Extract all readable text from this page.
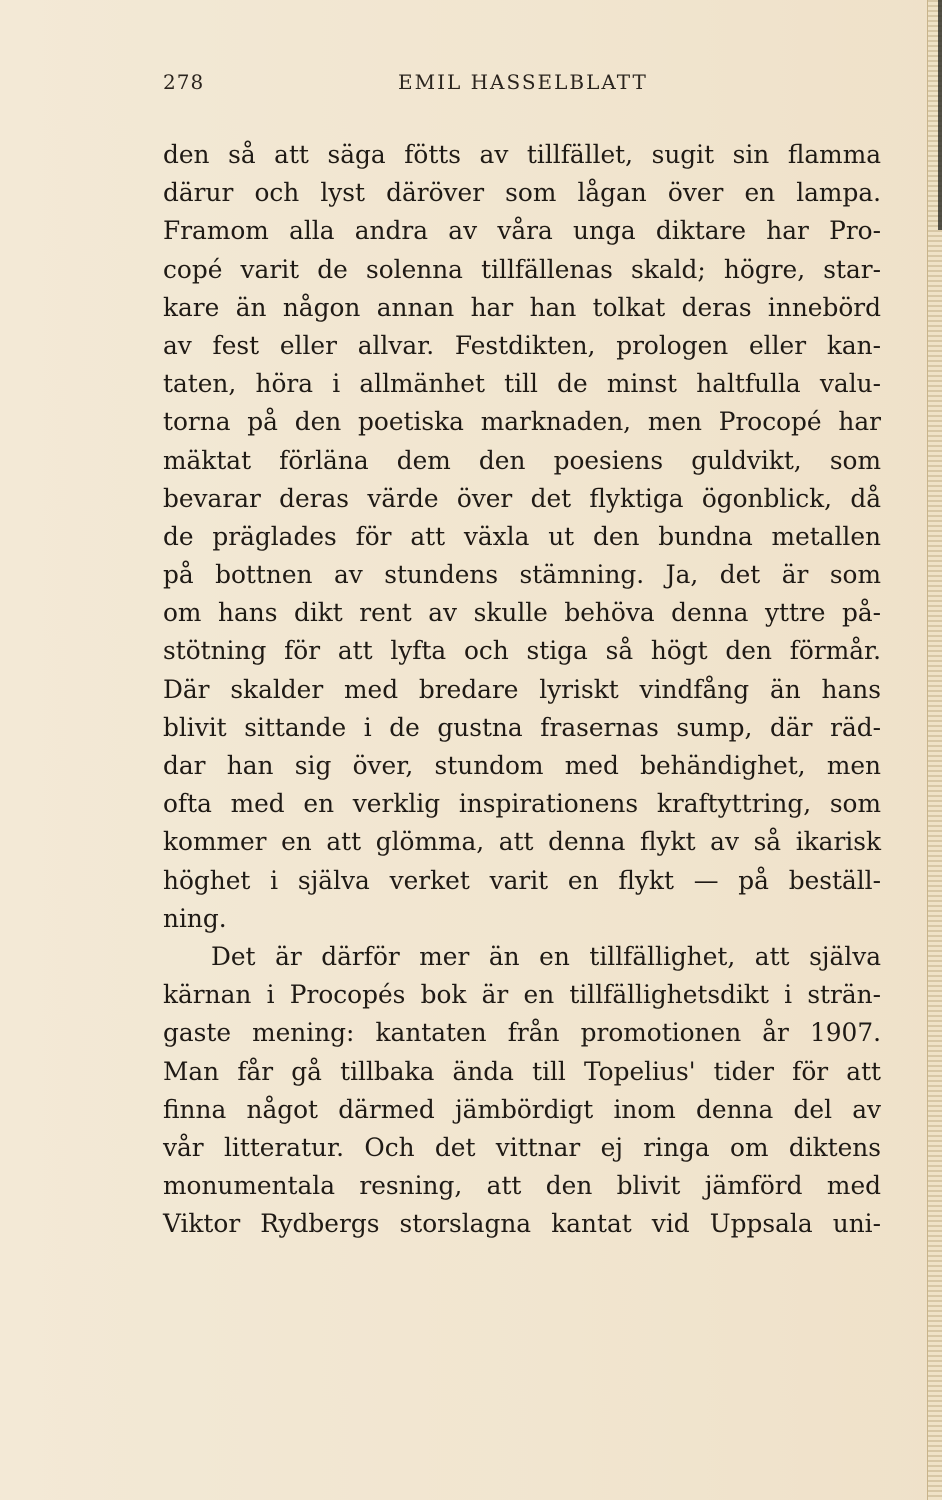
278	EMIL HASSELBLATT
den så att säga fötts av tillfället, sugit sin flamma
därur och lyst däröver som lågan över en lampa.
Framom alla andra av våra unga diktare har Pro-
copé varit de solenna tillfällenas skald; högre, star-
kare än någon annan har han tolkat deras innebörd
av fest eller allvar. Festdikten, prologen eller kan-
taten, höra i allmänhet till de minst haltfulla valu-
torna på den poetiska marknaden, men Procopé har
mäktat förläna dem den poesiens guldvikt, som
bevarar deras värde över det flyktiga ögonblick, då
de präglades för att växla ut den bundna metallen
på bottnen av stundens stämning. Ja, det är som
om hans dikt rent av skulle behöva denna yttre på-
stötning för att lyfta och stiga så högt den förmår.
Där skalder med bredare lyriskt vindfång än hans
blivit sittande i de gustna frasernas sump, där räd-
dar han sig över, stundom med behändighet, men
ofta med en verklig inspirationens kraftyttring, som
kommer en att glömma, att denna flykt av så ikarisk
höghet i själva verket varit en flykt — på beställ-
ning.
Det är därför mer än en tillfällighet, att själva
kärnan i Procopés bok är en tillfällighetsdikt i strän-
gaste mening: kantaten från promotionen år 1907.
Man får gå tillbaka ända till Topelius' tider för att
finna något därmed jämbördigt inom denna del av
vår litteratur. Och det vittnar ej ringa om diktens
monumentala resning, att den blivit jämförd med
Viktor Rydbergs storslagna kantat vid Uppsala uni-
